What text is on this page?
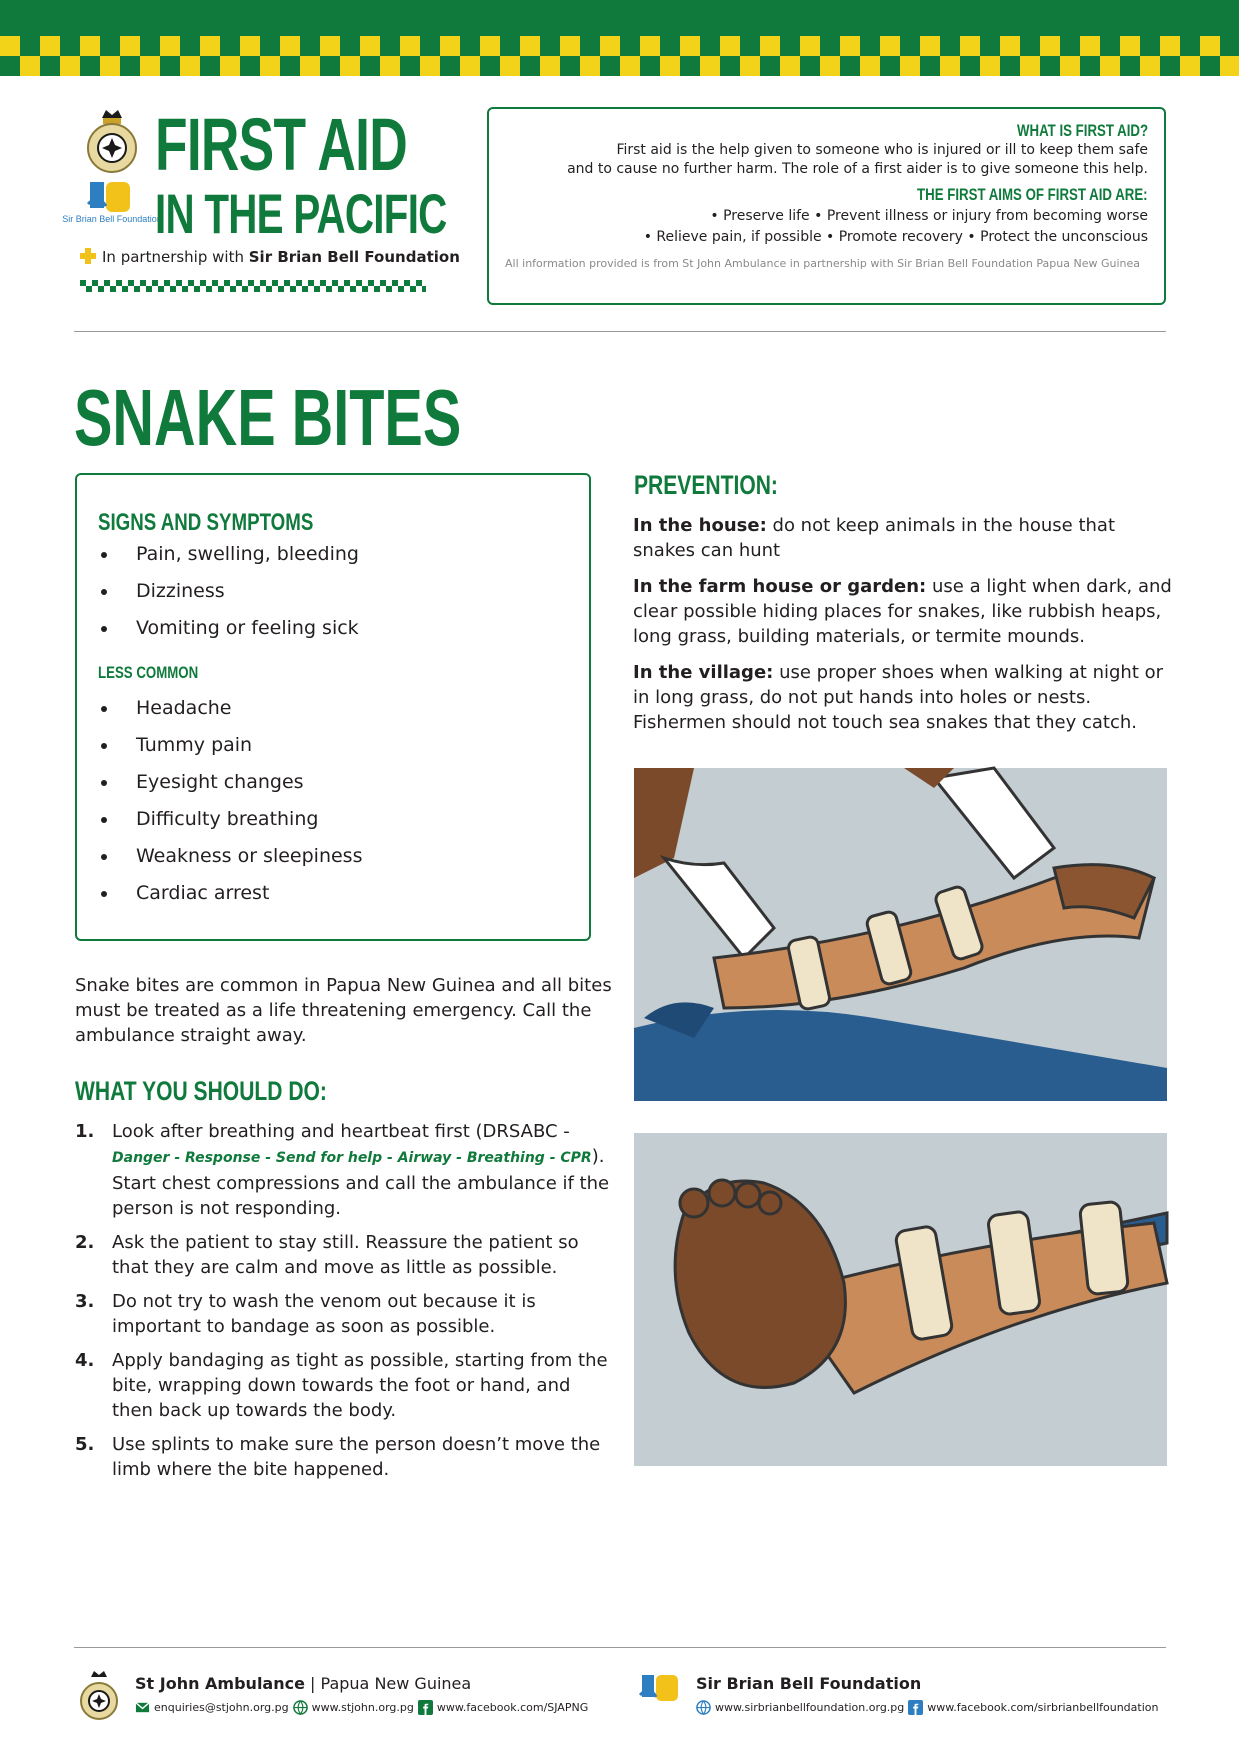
Sir Brian Bell Foundation
FIRST AID
IN THE PACIFIC
In partnership with Sir Brian Bell Foundation
WHAT IS FIRST AID?

First aid is the help given to someone who is injured or ill to keep them safe

and to cause no further harm. The role of a first aider is to give someone this help.

THE FIRST AIMS OF FIRST AID ARE:
• Preserve life • Prevent illness or injury from becoming worse
• Relieve pain, if possible • Promote recovery • Protect the unconscious
All information provided is from St John Ambulance in partnership with Sir Brian Bell Foundation Papua New Guinea
SNAKE BITES
SIGNS AND SYMPTOMS
Pain, swelling, bleeding
Dizziness
Vomiting or feeling sick
LESS COMMON
Headache
Tummy pain
Eyesight changes
Difficulty breathing
Weakness or sleepiness
Cardiac arrest
Snake bites are common in Papua New Guinea and all bites must be treated as a life threatening emergency. Call the ambulance straight away.
WHAT YOU SHOULD DO:
1. Look after breathing and heartbeat first (DRSABC - Danger - Response - Send for help - Airway - Breathing - CPR). Start chest compressions and call the ambulance if the person is not responding.
2. Ask the patient to stay still. Reassure the patient so that they are calm and move as little as possible.
3. Do not try to wash the venom out because it is important to bandage as soon as possible.
4. Apply bandaging as tight as possible, starting from the bite, wrapping down towards the foot or hand, and then back up towards the body.
5. Use splints to make sure the person doesn’t move the limb where the bite happened.
PREVENTION:
In the house: do not keep animals in the house that snakes can hunt
In the farm house or garden: use a light when dark, and clear possible hiding places for snakes, like rubbish heaps, long grass, building materials, or termite mounds.
In the village: use proper shoes when walking at night or in long grass, do not put hands into holes or nests. Fishermen should not touch sea snakes that they catch.
St John Ambulance | Papua New Guinea
enquiries@stjohn.org.pg www.stjohn.org.pg www.facebook.com/SJAPNG
Sir Brian Bell Foundation
www.sirbrianbellfoundation.org.pg www.facebook.com/sirbrianbellfoundation
